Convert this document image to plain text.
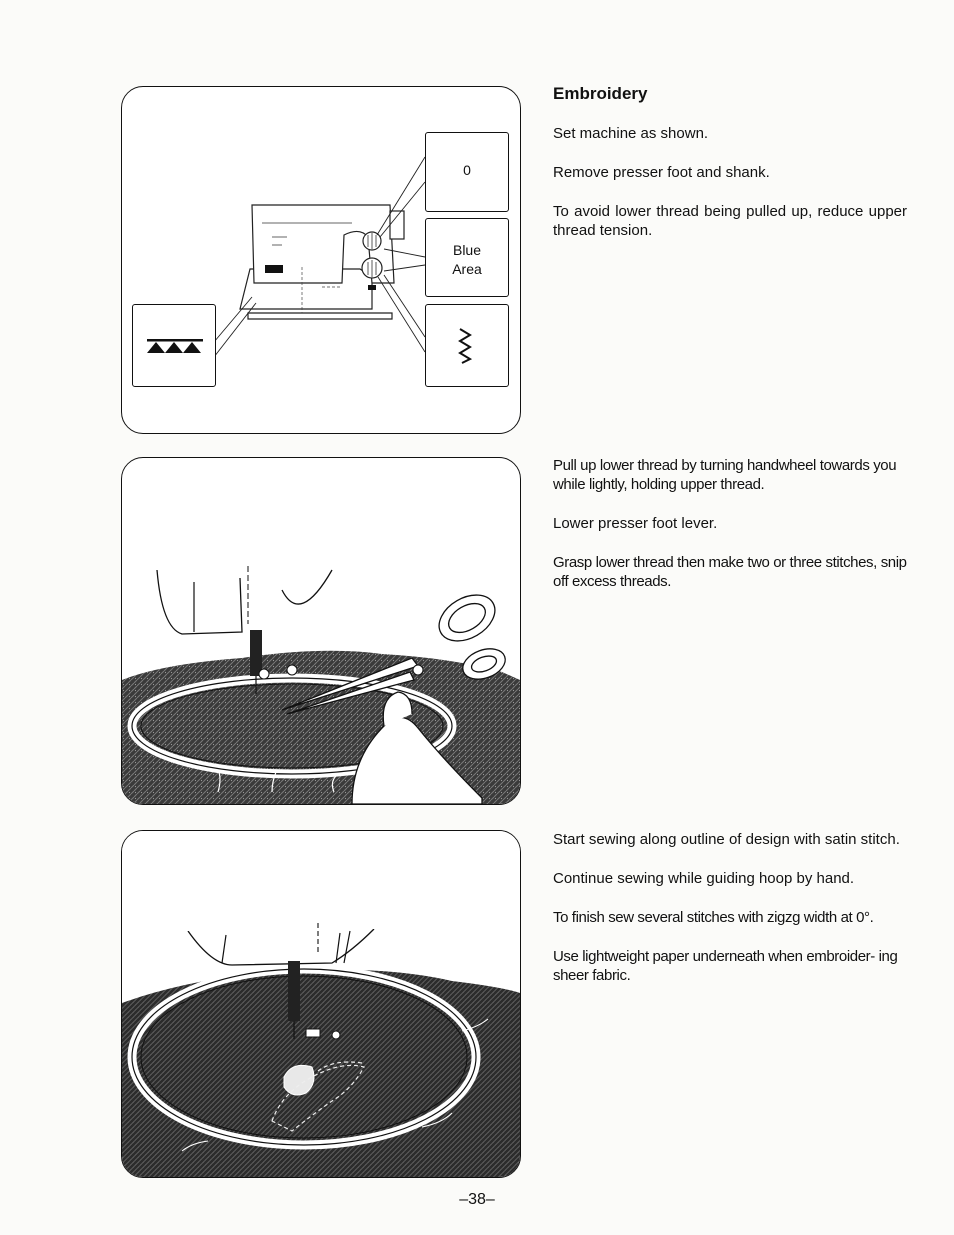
0
Blue
Area
Embroidery

Set machine as shown.

Remove presser foot and shank.

To avoid lower thread being pulled up, reduce upper thread tension.

Pull up lower thread by turning handwheel towards you while lightly, holding upper thread.

Lower presser foot lever.

Grasp lower thread then make two or three stitches, snip off excess threads.

Start sewing along outline of design with satin stitch.

Continue sewing while guiding hoop by hand.

To finish sew several stitches with zigzg width at 0°.

Use lightweight paper underneath when embroider- ing sheer fabric.

–38–
